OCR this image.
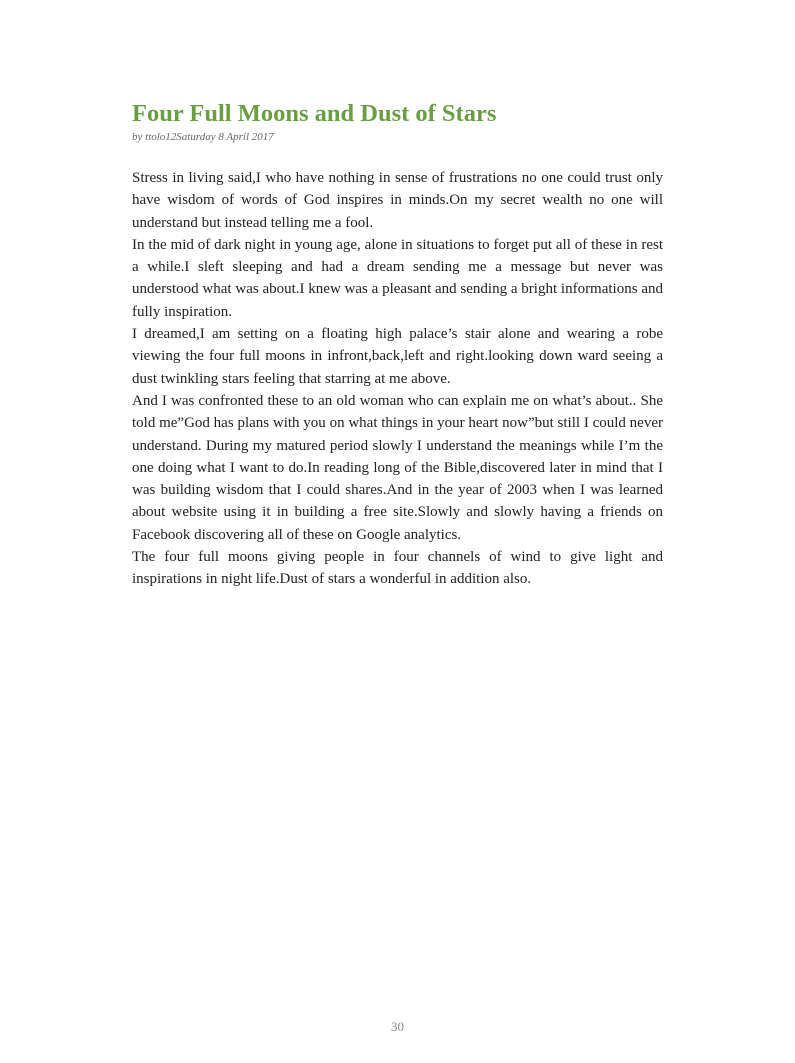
Four Full Moons and Dust of Stars

by ttolo12Saturday 8 April 2017

Stress in living said,I who have nothing in sense of frustrations no one could trust only have wisdom of words of God inspires in minds.On my secret wealth no one will understand but instead telling me a fool.

In the mid of dark night in young age, alone in situations to forget put all of these in rest a while.I sleft sleeping and had a dream sending me a message but never was understood what was about.I knew was a pleasant and sending a bright informations and fully inspiration.

I dreamed,I am setting on a floating high palace’s stair alone and wearing a robe viewing the four full moons in infront,back,left and right.looking down ward seeing a dust twinkling stars feeling that starring at me above.

And I was confronted these to an old woman who can explain me on what’s about.. She told me”God has plans with you on what things in your heart now”but still I could never understand. During my matured period slowly I understand the meanings while I’m the one doing what I want to do.In reading long of the Bible,discovered later in mind that I was building wisdom that I could shares.And in the year of 2003 when I was learned about website using it in building a free site.Slowly and slowly having a friends on Facebook discovering all of these on Google analytics.

The four full moons giving people in four channels of wind to give light and inspirations in night life.Dust of stars a wonderful in addition also.

30
